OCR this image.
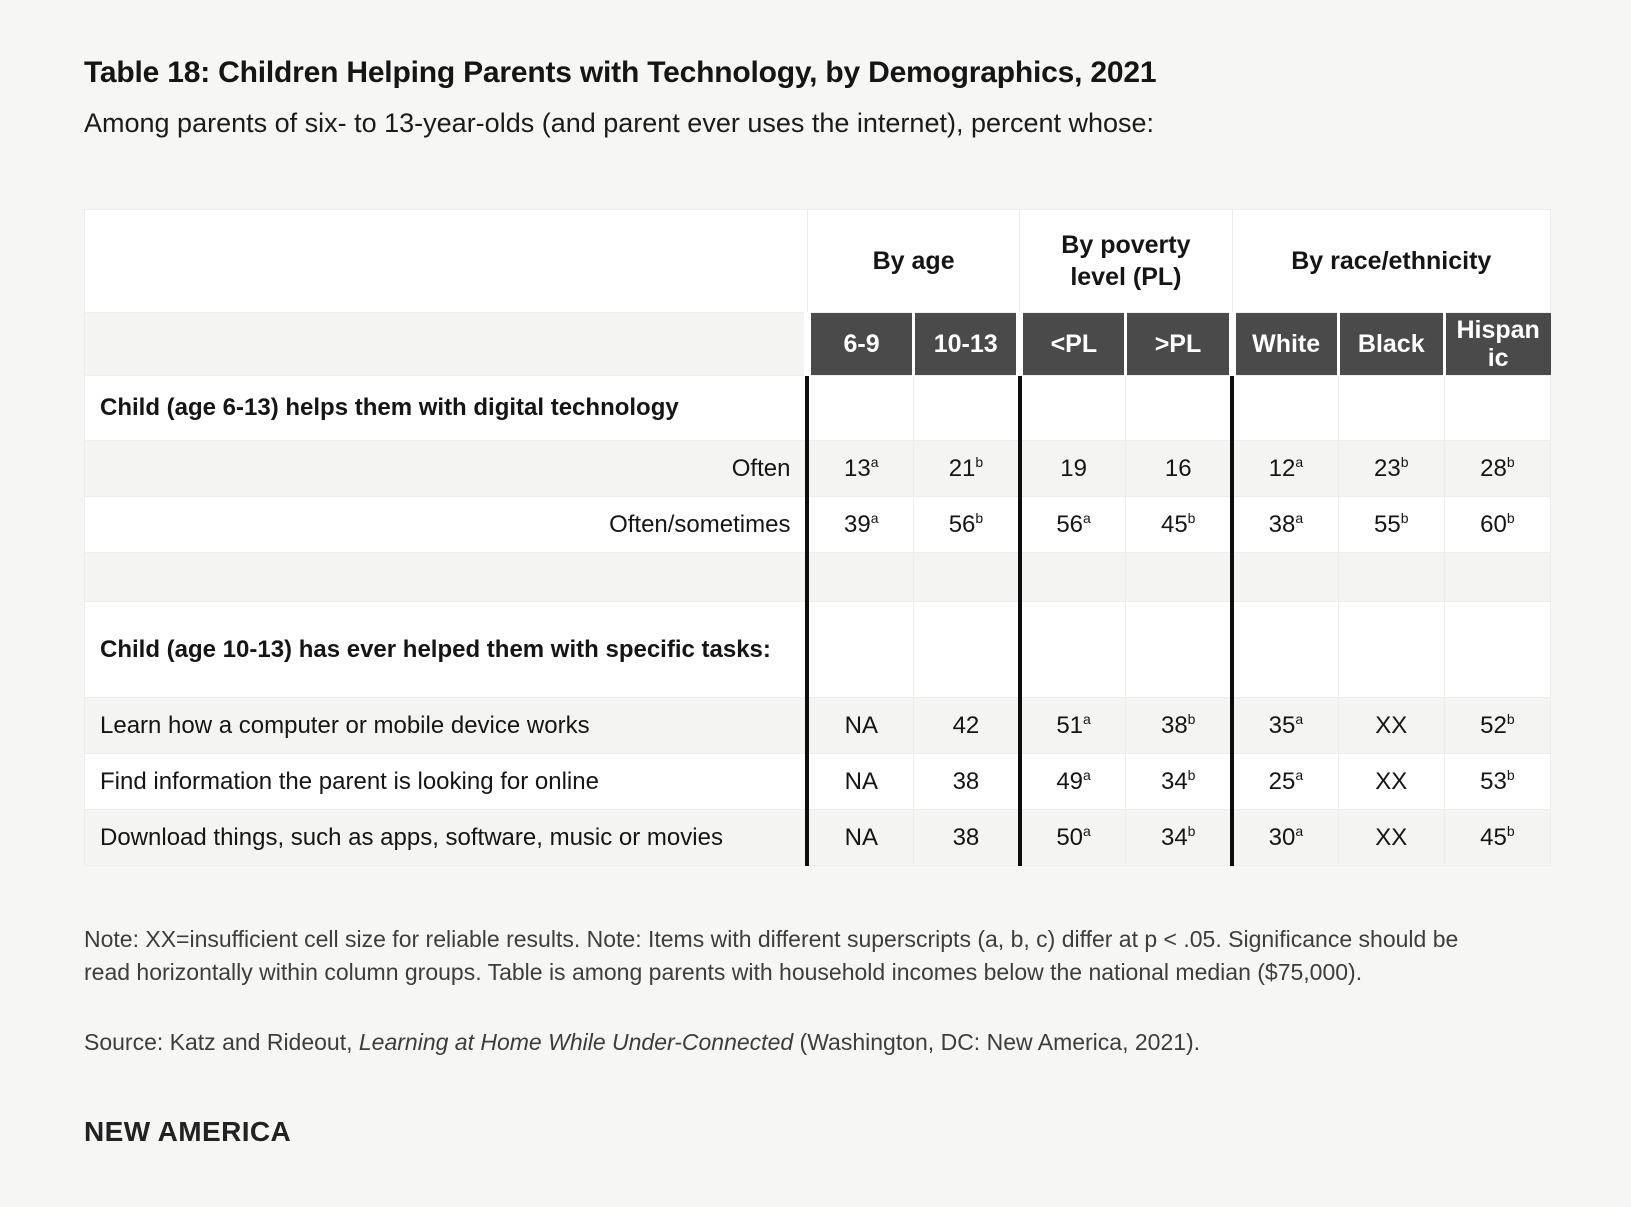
Table 18: Children Helping Parents with Technology, by Demographics, 2021
Among parents of six- to 13-year-olds (and parent ever uses the internet), percent whose:
	By age		By poverty level (PL)		By race/ethnicity		
	6-9	10-13	<PL	>PL	White	Black	Hispanic
Child (age 6-13) helps them with digital technology							
Often	13$^a$	21$^b$	19	16	12$^a$	23$^b$	28$^b$
Often/sometimes	39$^a$	56$^b$	56$^a$	45$^b$	38$^a$	55$^b$	60$^b$

Child (age 10-13) has ever helped them with specific tasks:							
Learn how a computer or mobile device works	NA	42	51$^a$	38$^b$	35$^a$	XX	52$^b$
Find information the parent is looking for online	NA	38	49$^a$	34$^b$	25$^a$	XX	53$^b$
Download things, such as apps, software, music or movies	NA	38	50$^a$	34$^b$	30$^a$	XX	45$^b$

Note: XX=insufficient cell size for reliable results. Note: Items with different superscripts (a, b, c) differ at p < .05. Significance should be read horizontally within column groups. Table is among parents with household incomes below the national median ($75,000).

Source: Katz and Rideout, Learning at Home While Under-Connected (Washington, DC: New America, 2021).

NEW AMERICA
